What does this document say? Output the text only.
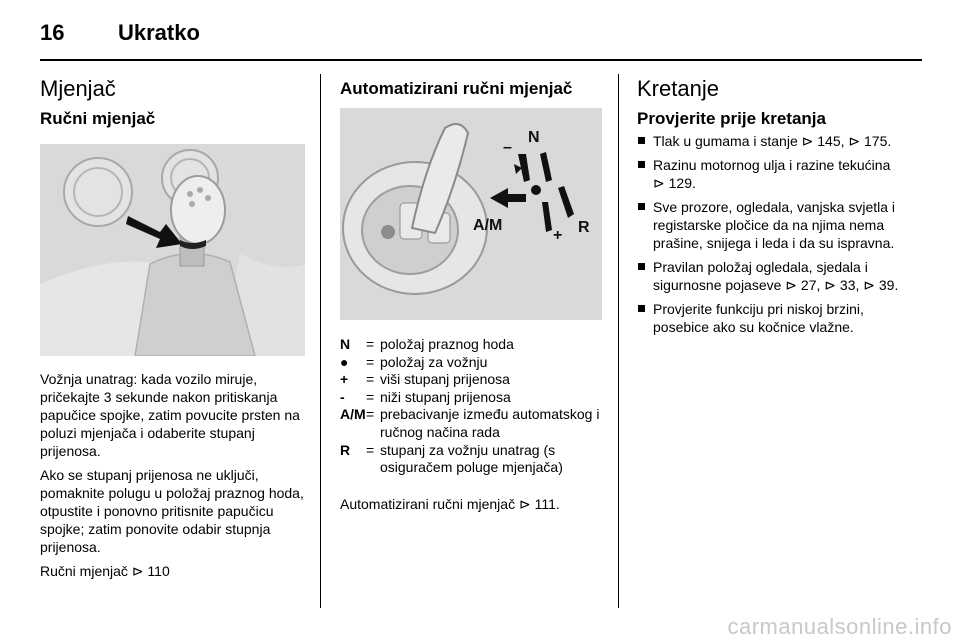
16 Ukratko
Mjenjač
Ručni mjenjač

Vožnja unatrag: kada vozilo miruje, pričekajte 3 sekunde nakon pritiskanja papučice spojke, zatim povucite prsten na poluzi mjenjača i odaberite stupanj prijenosa.

Ako se stupanj prijenosa ne uključi, pomaknite polugu u položaj praznog hoda, otpustite i ponovno pritisnite papučicu spojke; zatim ponovite odabir stupnja prijenosa.

Ručni mjenjač ⊳ 110

Automatizirani ručni mjenjač
N
–
A/M
+ R
N	= položaj praznog hoda
●	= položaj za vožnju
+	= viši stupanj prijenosa
-	= niži stupanj prijenosa
A/M = prebacivanje između automatskog i ručnog načina rada
R	= stupanj za vožnju unatrag (s osiguračem poluge mjenjača)

Automatizirani ručni mjenjač ⊳ 111.

Kretanje
Provjerite prije kretanja
Tlak u gumama i stanje ⊳ 145, ⊳ 175.
Razinu motornog ulja i razine tekućina ⊳ 129.
Sve prozore, ogledala, vanjska svjetla i registarske pločice da na njima nema prašine, snijega i leda i da su ispravna.
Pravilan položaj ogledala, sjedala i sigurnosne pojaseve ⊳ 27, ⊳ 33, ⊳ 39.
Provjerite funkciju pri niskoj brzini, posebice ako su kočnice vlažne.
carmanualsonline.info
